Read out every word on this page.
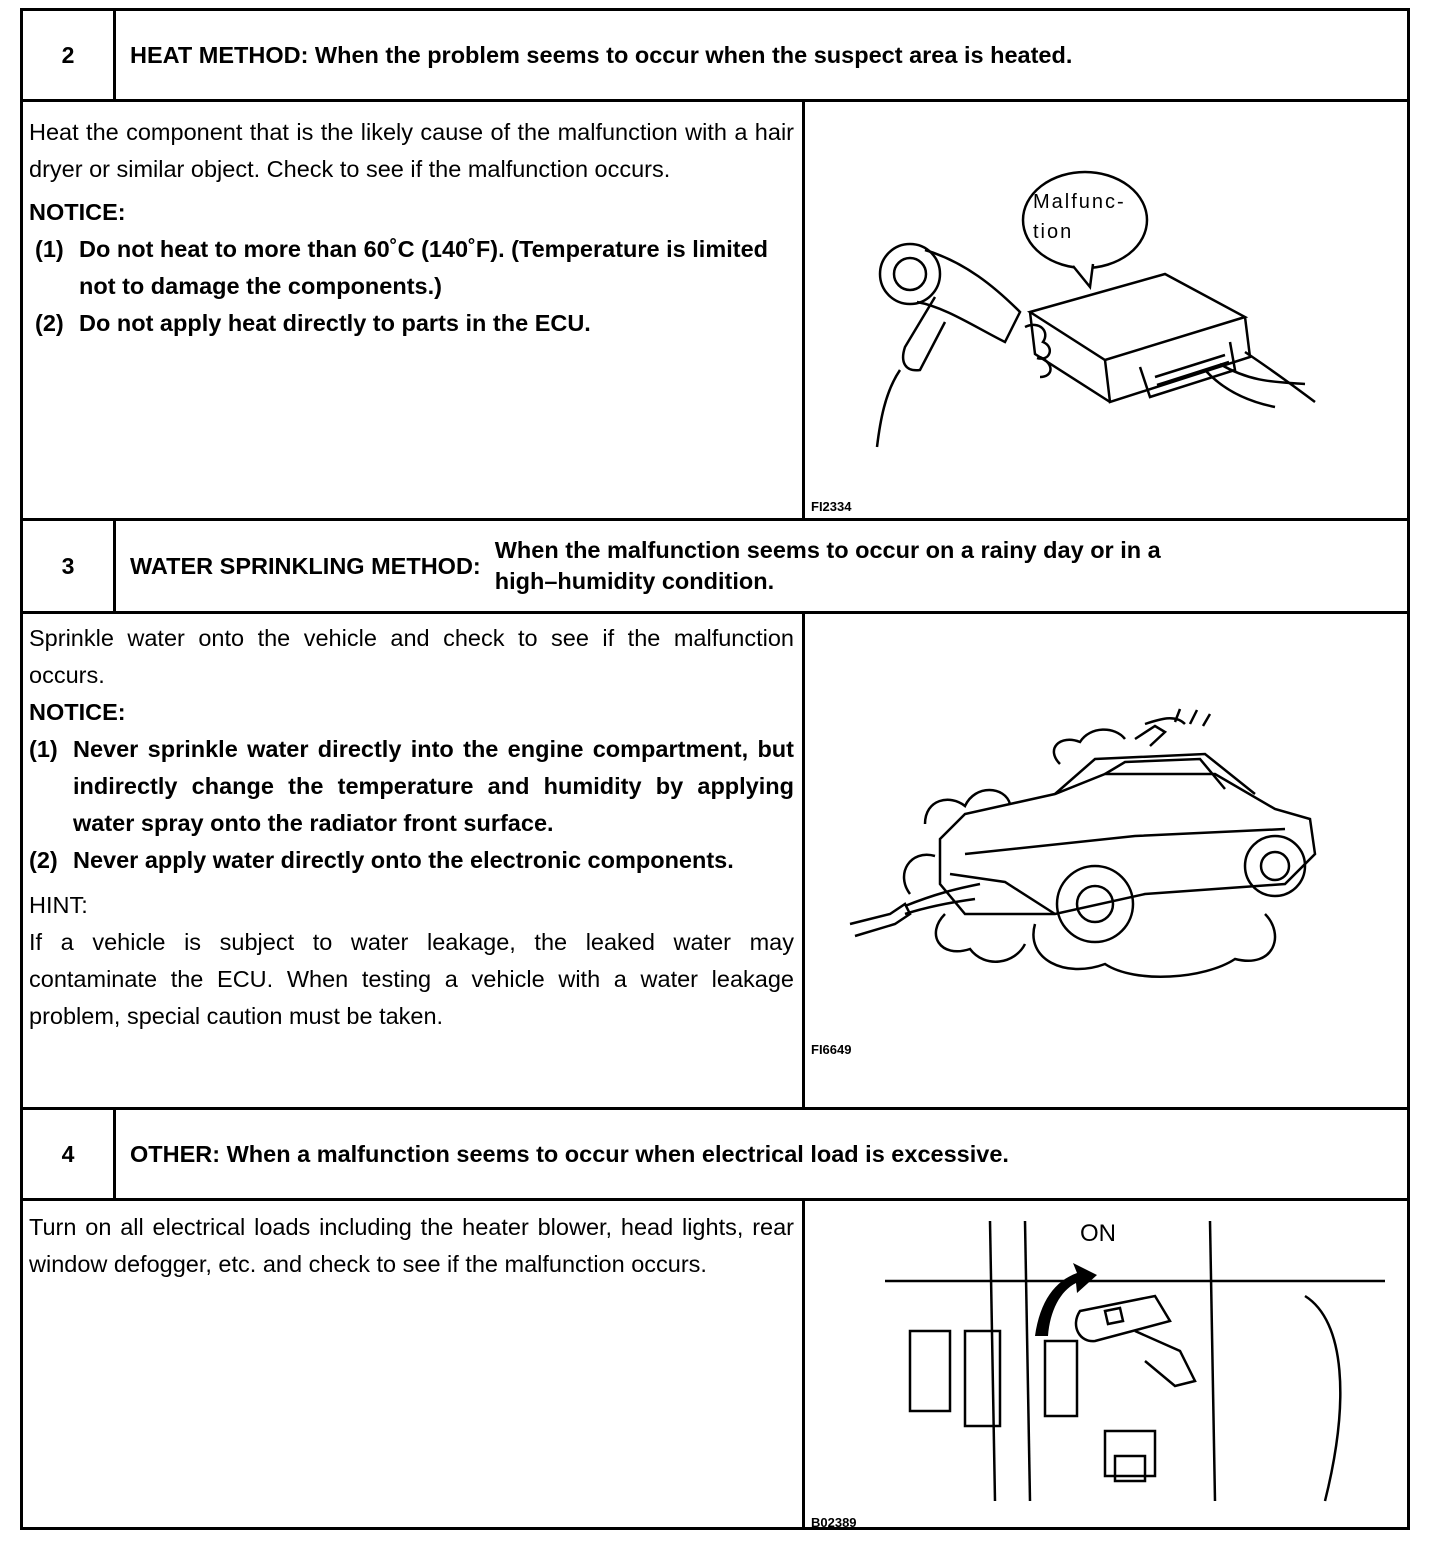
2	HEAT METHOD: When the problem seems to occur when the suspect area is heated.
Heat the component that is the likely cause of the malfunction with a hair dryer or similar object. Check to see if the malfunction occurs.
NOTICE:
(1) Do not heat to more than 60˚C (140˚F). (Temperature is limited not to damage the components.)
(2) Do not apply heat directly to parts in the ECU.
Malfunc-
tion
FI2334
3	WATER SPRINKLING METHOD:
When the malfunction seems to occur on a rainy day or in a
high–humidity condition.
Sprinkle water onto the vehicle and check to see if the malfunction occurs.
NOTICE:
(1) Never sprinkle water directly into the engine compartment, but indirectly change the temperature and humidity by applying water spray onto the radiator front surface.
(2) Never apply water directly onto the electronic components.
HINT:
If a vehicle is subject to water leakage, the leaked water may contaminate the ECU. When testing a vehicle with a water leakage problem, special caution must be taken.
FI6649
4	OTHER: When a malfunction seems to occur when electrical load is excessive.
Turn on all electrical loads including the heater blower, head lights, rear window defogger, etc. and check to see if the malfunction occurs.
ON
B02389
